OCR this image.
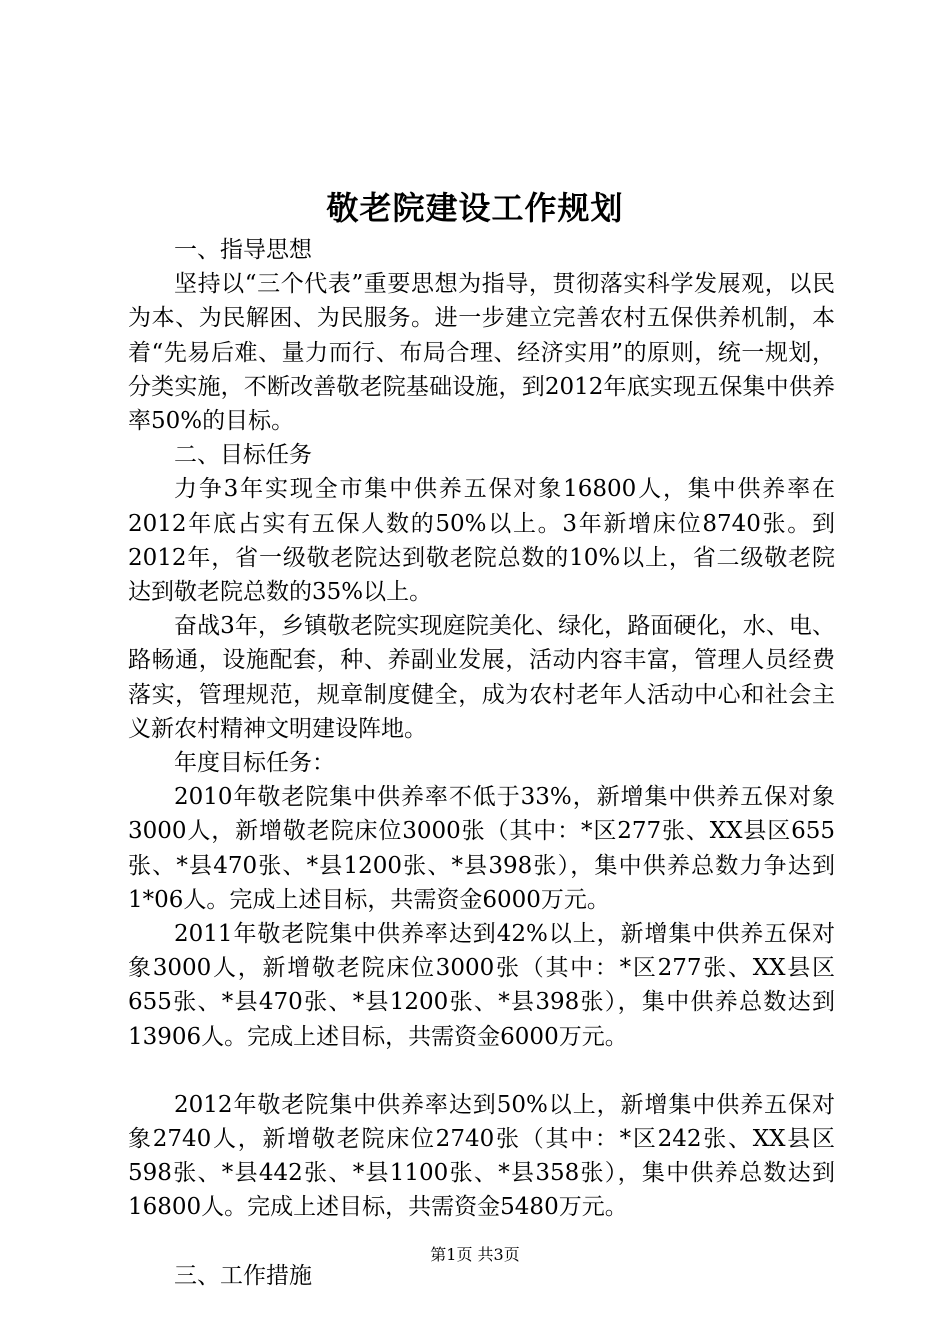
敬老院建设工作规划

一、指导思想

坚持以“三个代表”重要思想为指导，贯彻落实科学发展观，以民为本、为民解困、为民服务。进一步建立完善农村五保供养机制，本着“先易后难、量力而行、布局合理、经济实用”的原则，统一规划，分类实施，不断改善敬老院基础设施，到2012年底实现五保集中供养率50%的目标。

二、目标任务

力争3年实现全市集中供养五保对象16800人，集中供养率在2012年底占实有五保人数的50%以上。3年新增床位8740张。到2012年，省一级敬老院达到敬老院总数的10%以上，省二级敬老院达到敬老院总数的35%以上。

奋战3年，乡镇敬老院实现庭院美化、绿化，路面硬化，水、电、路畅通，设施配套，种、养副业发展，活动内容丰富，管理人员经费落实，管理规范，规章制度健全，成为农村老年人活动中心和社会主义新农村精神文明建设阵地。

年度目标任务：

2010年敬老院集中供养率不低于33%，新增集中供养五保对象3000人，新增敬老院床位3000张（其中：*区277张、XX县区655张、*县470张、*县1200张、*县398张），集中供养总数力争达到1*06人。完成上述目标，共需资金6000万元。

2011年敬老院集中供养率达到42%以上，新增集中供养五保对象3000人，新增敬老院床位3000张（其中：*区277张、XX县区655张、*县470张、*县1200张、*县398张），集中供养总数达到13906人。完成上述目标，共需资金6000万元。

2012年敬老院集中供养率达到50%以上，新增集中供养五保对象2740人，新增敬老院床位2740张（其中：*区242张、XX县区598张、*县442张、*县1100张、*县358张），集中供养总数达到16800人。完成上述目标，共需资金5480万元。

三、工作措施

第1页 共3页
